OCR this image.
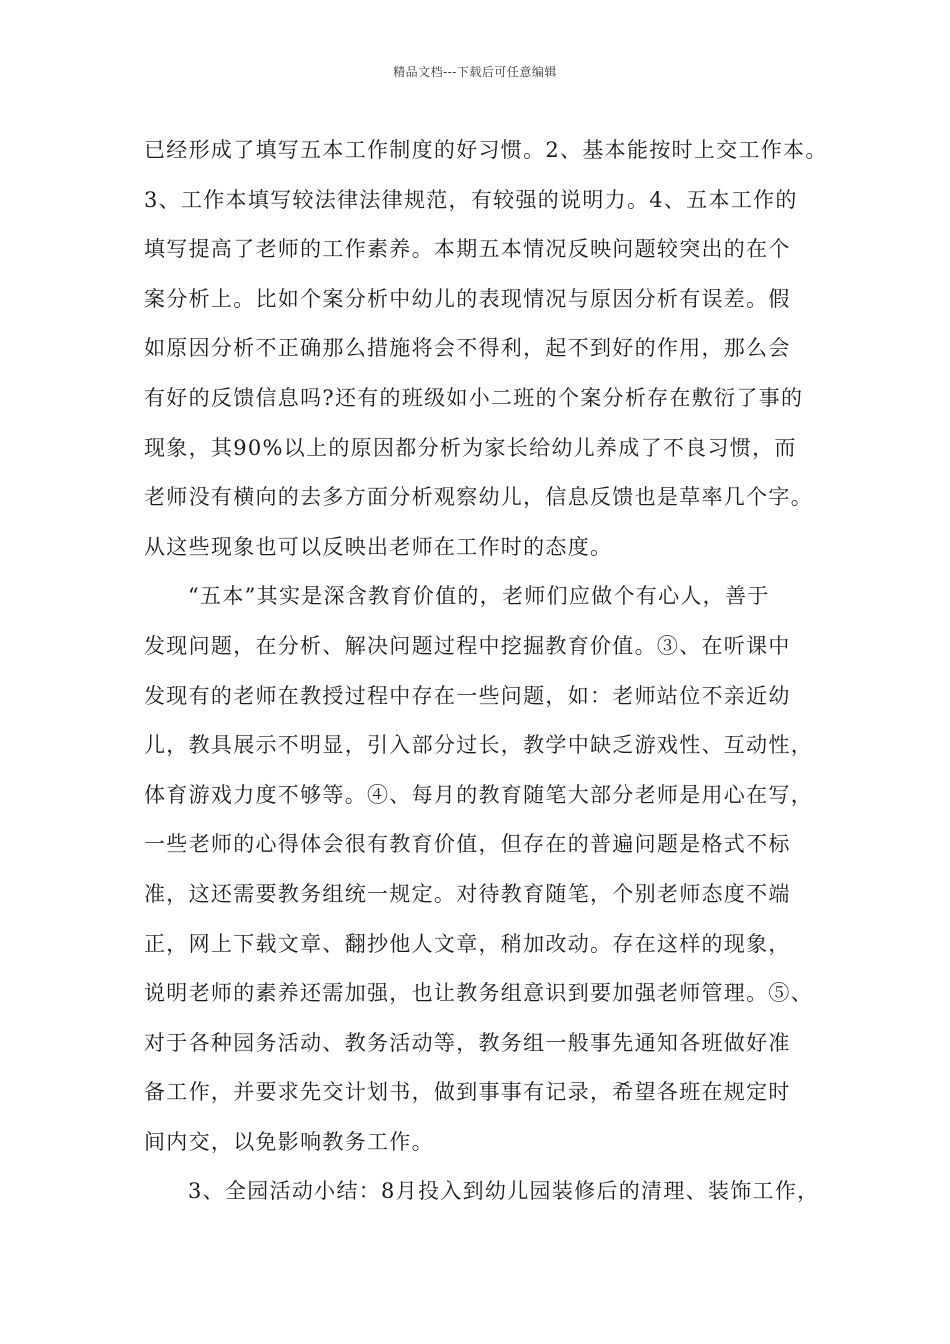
精品文档---下载后可任意编辑
已经形成了填写五本工作制度的好习惯。2、基本能按时上交工作本。
3、工作本填写较法律法律规范，有较强的说明力。4、五本工作的
填写提高了老师的工作素养。本期五本情况反映问题较突出的在个
案分析上。比如个案分析中幼儿的表现情况与原因分析有误差。假
如原因分析不正确那么措施将会不得利，起不到好的作用，那么会
有好的反馈信息吗?还有的班级如小二班的个案分析存在敷衍了事的
现象，其90%以上的原因都分析为家长给幼儿养成了不良习惯，而
老师没有横向的去多方面分析观察幼儿，信息反馈也是草率几个字。
从这些现象也可以反映出老师在工作时的态度。
“五本”其实是深含教育价值的，老师们应做个有心人，善于
发现问题，在分析、解决问题过程中挖掘教育价值。③、在听课中
发现有的老师在教授过程中存在一些问题，如：老师站位不亲近幼
儿，教具展示不明显，引入部分过长，教学中缺乏游戏性、互动性，
体育游戏力度不够等。④、每月的教育随笔大部分老师是用心在写，
一些老师的心得体会很有教育价值，但存在的普遍问题是格式不标
准，这还需要教务组统一规定。对待教育随笔，个别老师态度不端
正，网上下载文章、翻抄他人文章，稍加改动。存在这样的现象，
说明老师的素养还需加强，也让教务组意识到要加强老师管理。⑤、
对于各种园务活动、教务活动等，教务组一般事先通知各班做好准
备工作，并要求先交计划书，做到事事有记录，希望各班在规定时
间内交，以免影响教务工作。
3、全园活动小结：8月投入到幼儿园装修后的清理、装饰工作，
